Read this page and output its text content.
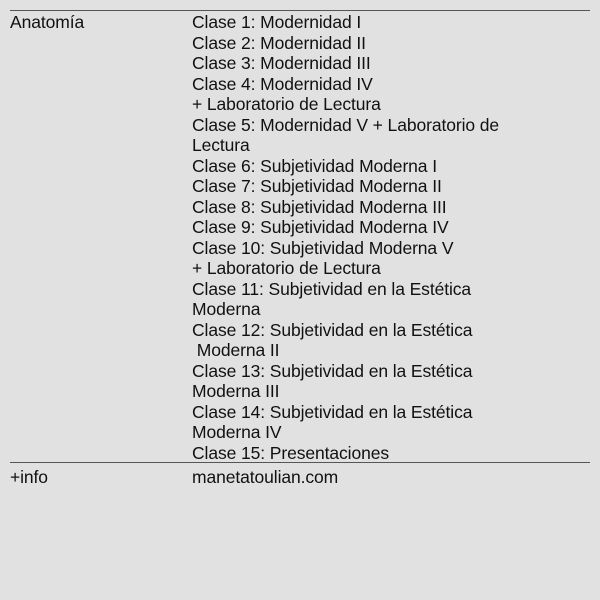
Anatomía	Clase 1: Modernidad I
Clase 2: Modernidad II
Clase 3: Modernidad III
Clase 4: Modernidad IV
+ Laboratorio de Lectura
Clase 5: Modernidad V + Laboratorio de
Lectura
Clase 6: Subjetividad Moderna I
Clase 7: Subjetividad Moderna II
Clase 8: Subjetividad Moderna III
Clase 9: Subjetividad Moderna IV
Clase 10: Subjetividad Moderna V
+ Laboratorio de Lectura
Clase 11: Subjetividad en la Estética
Moderna
Clase 12: Subjetividad en la Estética
Moderna II
Clase 13: Subjetividad en la Estética
Moderna III
Clase 14: Subjetividad en la Estética
Moderna IV
Clase 15: Presentaciones
+info	manetatoulian.com
